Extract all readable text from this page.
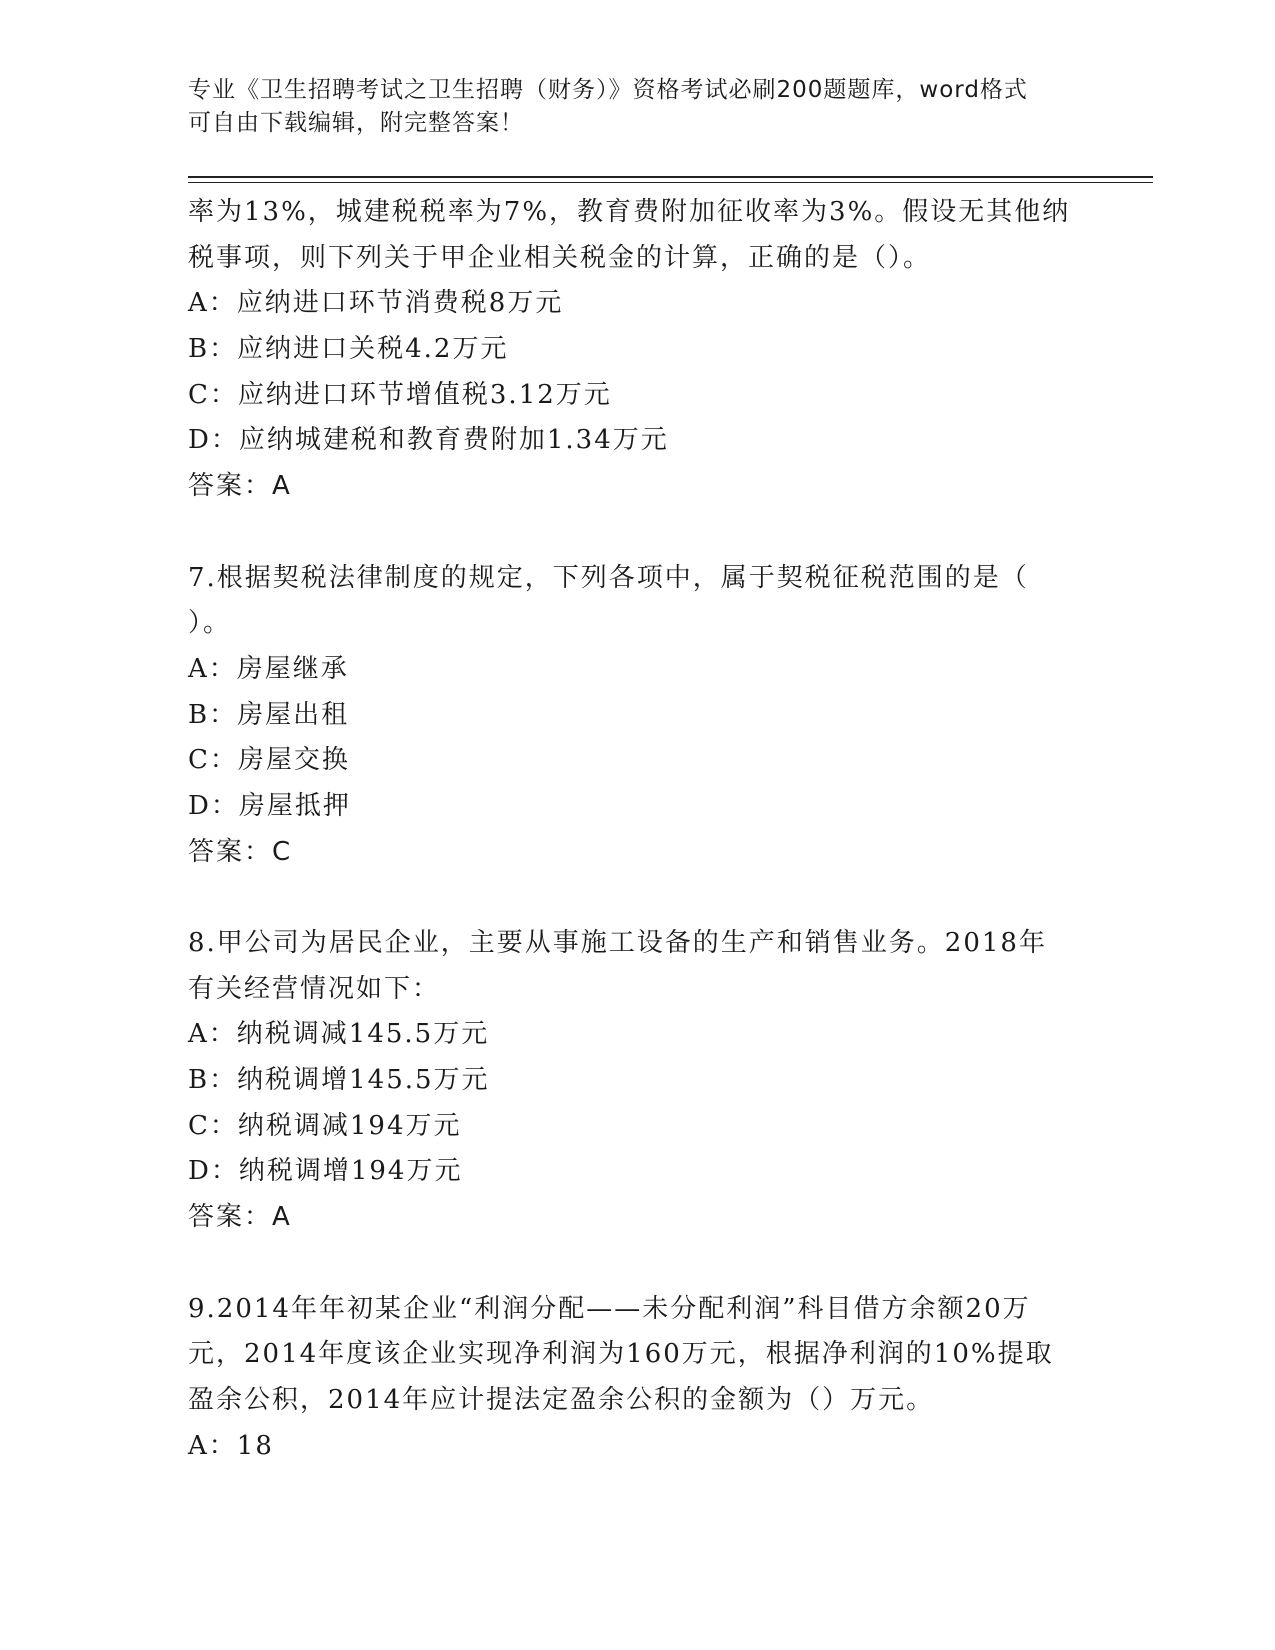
专业《卫生招聘考试之卫生招聘（财务）》资格考试必刷200题题库，word格式
可自由下载编辑，附完整答案！
率为13%，城建税税率为7%，教育费附加征收率为3%。假设无其他纳
税事项，则下列关于甲企业相关税金的计算，正确的是（）。
A：应纳进口环节消费税8万元
B：应纳进口关税4.2万元
C：应纳进口环节增值税3.12万元
D：应纳城建税和教育费附加1.34万元
答案：A
7.根据契税法律制度的规定，下列各项中，属于契税征税范围的是（
）。
A：房屋继承
B：房屋出租
C：房屋交换
D：房屋抵押
答案：C
8.甲公司为居民企业，主要从事施工设备的生产和销售业务。2018年
有关经营情况如下：
A：纳税调减145.5万元
B：纳税调增145.5万元
C：纳税调减194万元
D：纳税调增194万元
答案：A
9.2014年年初某企业“利润分配——未分配利润”科目借方余额20万
元，2014年度该企业实现净利润为160万元，根据净利润的10%提取
盈余公积，2014年应计提法定盈余公积的金额为（）万元。
A：18
